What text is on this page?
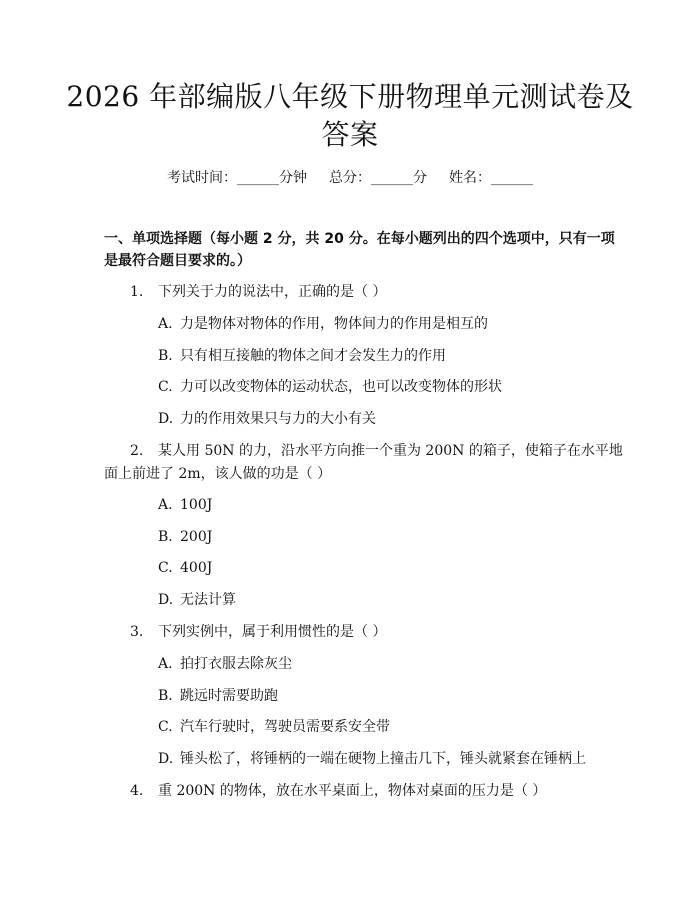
2026 年部编版八年级下册物理单元测试卷及
答案
考试时间：______分钟 总分：______分 姓名：______
一、单项选择题（每小题 2 分，共 20 分。在每小题列出的四个选项中，只有一项
是最符合题目要求的。）
1. 下列关于力的说法中，正确的是（ ）
A. 力是物体对物体的作用，物体间力的作用是相互的
B. 只有相互接触的物体之间才会发生力的作用
C. 力可以改变物体的运动状态，也可以改变物体的形状
D. 力的作用效果只与力的大小有关
2. 某人用 50N 的力，沿水平方向推一个重为 200N 的箱子，使箱子在水平地
面上前进了 2m，该人做的功是（ ）
A. 100J
B. 200J
C. 400J
D. 无法计算
3. 下列实例中，属于利用惯性的是（ ）
A. 拍打衣服去除灰尘
B. 跳远时需要助跑
C. 汽车行驶时，驾驶员需要系安全带
D. 锤头松了，将锤柄的一端在硬物上撞击几下，锤头就紧套在锤柄上
4. 重 200N 的物体，放在水平桌面上，物体对桌面的压力是（ ）
